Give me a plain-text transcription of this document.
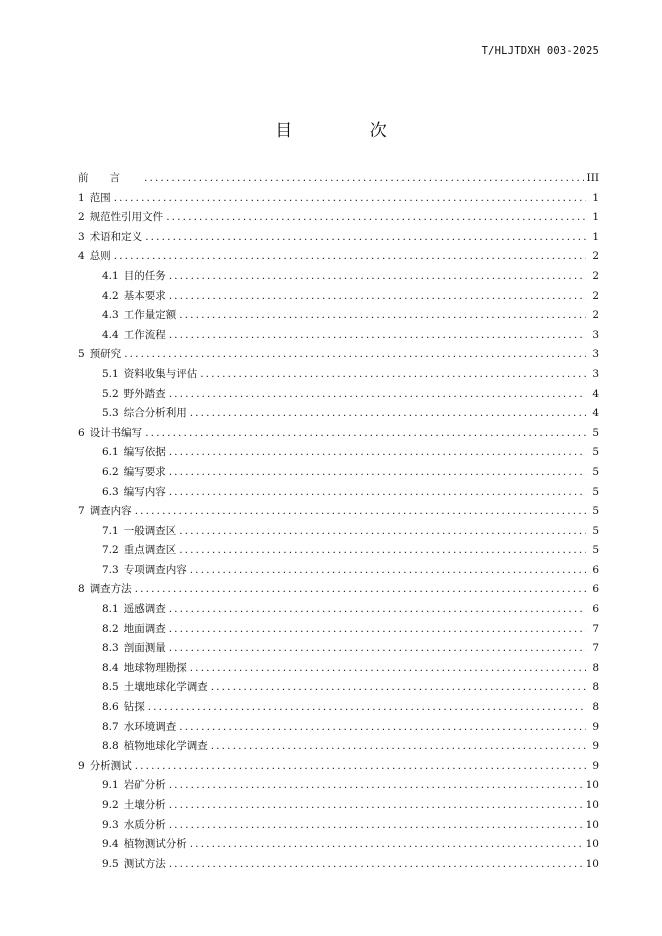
T/HLJTDXH 003-2025
目 次
前言 . . .	III
1 范围 . . .	1
2 规范性引用文件 . . .	1
3 术语和定义 . . .	1
4 总则 . . .	2
4.1 目的任务 . . .	2
4.2 基本要求 . . .	2
4.3 工作量定额 . . .	2
4.4 工作流程 . . .	3
5 预研究 . . .	3
5.1 资料收集与评估 . . .	3
5.2 野外踏查 . . .	4
5.3 综合分析利用 . . .	4
6 设计书编写 . . .	5
6.1 编写依据 . . .	5
6.2 编写要求 . . .	5
6.3 编写内容 . . .	5
7 调查内容 . . .	5
7.1 一般调查区 . . .	5
7.2 重点调查区 . . .	5
7.3 专项调查内容 . . .	6
8 调查方法 . . .	6
8.1 遥感调查 . . .	6
8.2 地面调查 . . .	7
8.3 剖面测量 . . .	7
8.4 地球物理勘探 . . .	8
8.5 土壤地球化学调查 . . .	8
8.6 钻探 . . .	8
8.7 水环境调查 . . .	9
8.8 植物地球化学调查 . . .	9
9 分析测试 . . .	9
9.1 岩矿分析 . . .	10
9.2 土壤分析 . . .	10
9.3 水质分析 . . .	10
9.4 植物测试分析 . . .	10
9.5 测试方法 . . .	10
